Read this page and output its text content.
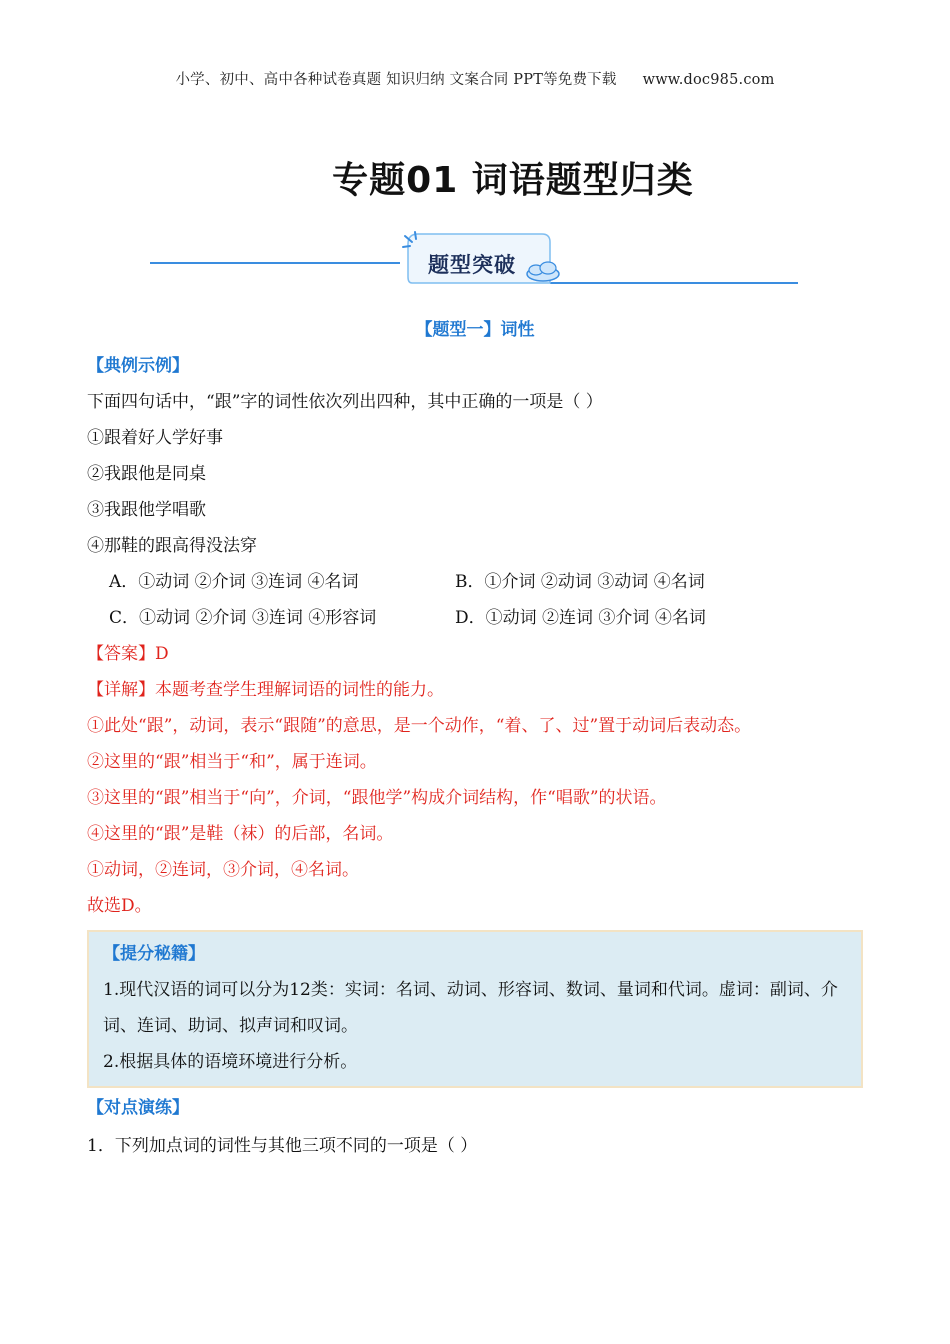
小学、初中、高中各种试卷真题 知识归纳 文案合同 PPT等免费下载 www.doc985.com
专题01 词语题型归类
题型突破
【题型一】词性
【典例示例】
下面四句话中，“跟”字的词性依次列出四种，其中正确的一项是（ ）
①跟着好人学好事
②我跟他是同桌
③我跟他学唱歌
④那鞋的跟高得没法穿
A．①动词 ②介词 ③连词 ④名词	B．①介词 ②动词 ③动词 ④名词
C．①动词 ②介词 ③连词 ④形容词	D．①动词 ②连词 ③介词 ④名词
【答案】D
【详解】本题考查学生理解词语的词性的能力。
①此处“跟”，动词，表示“跟随”的意思，是一个动作，“着、了、过”置于动词后表动态。
②这里的“跟”相当于“和”，属于连词。
③这里的“跟”相当于“向”，介词，“跟他学”构成介词结构，作“唱歌”的状语。
④这里的“跟”是鞋（袜）的后部，名词。
①动词，②连词，③介词，④名词。
故选D。
【提分秘籍】
1.现代汉语的词可以分为12类：实词：名词、动词、形容词、数词、量词和代词。虚词：副词、介词、连词、助词、拟声词和叹词。
2.根据具体的语境环境进行分析。
【对点演练】
1．下列加点词的词性与其他三项不同的一项是（ ）
